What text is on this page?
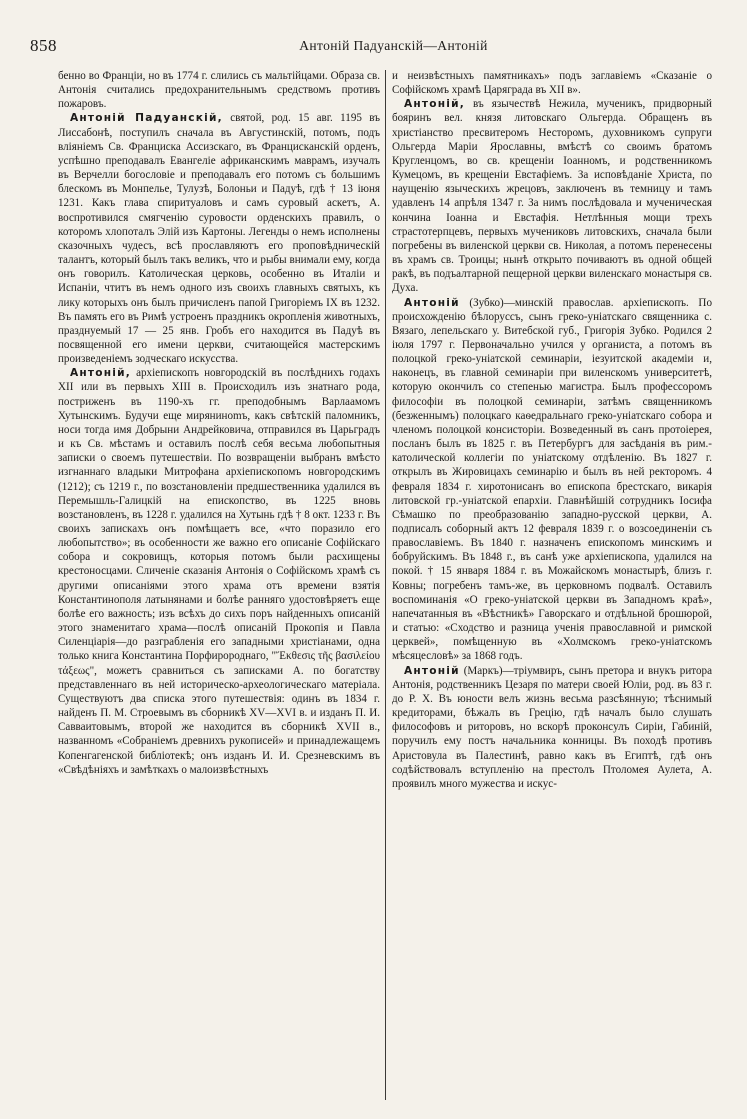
858	Антоній Падуанскій—Антоній

бенно во Франціи, но въ 1774 г. слились съ мальтійцами. Образа св. Антонія считались предохранительнымъ средствомъ противъ пожаровъ.

Антоній Падуанскій, святой, род. 15 авг. 1195 въ Лиссабонѣ, поступилъ сначала въ Августинскій, потомъ, подъ вліяніемъ Св. Франциска Ассизскаго, въ Францисканскій орденъ, успѣшно преподавалъ Евангеліе африканскимъ маврамъ, изучалъ въ Верчелли богословіе и преподавалъ его потомъ съ большимъ блескомъ въ Монпелье, Тулузѣ, Болоньи и Падуѣ, гдѣ † 13 іюня 1231. Какъ глава спиритуаловъ и самъ суровый аскетъ, А. воспротивился смягченію суровости орденскихъ правилъ, о которомъ хлопоталъ Элій изъ Картоны. Легенды о немъ исполнены сказочныхъ чудесъ, всѣ прославляютъ его проповѣдническій талантъ, который былъ такъ великъ, что и рыбы внимали ему, когда онъ говорилъ. Католическая церковь, особенно въ Италіи и Испаніи, чтитъ въ немъ одного изъ своихъ главныхъ святыхъ, къ лику которыхъ онъ былъ причисленъ папой Григоріемъ IX въ 1232. Въ память его въ Римѣ устроенъ праздникъ окропленія животныхъ, празднуемый 17 — 25 янв. Гробъ его находится въ Падуѣ въ посвященной его имени церкви, считающейся мастерскимъ произведеніемъ зодческаго искусства.

Антоній, архіепископъ новгородскій въ послѣднихъ годахъ XII или въ первыхъ XIII в. Происходилъ изъ знатнаго рода, постриженъ въ 1190-хъ гг. преподобнымъ Варлаамомъ Хутынскимъ. Будучи еще мирянинomъ, какъ свѣтскій паломникъ, носи тогда имя Добрыни Андрейковича, отправился въ Царьградъ и къ Св. мѣстамъ и оставилъ послѣ себя весьма любопытныя записки о своемъ путешествіи. По возвращеніи выбранъ вмѣсто изгнаннаго владыки Митрофана архіепископомъ новгородскимъ (1212); съ 1219 г., по возстановленіи предшественника удалился въ Перемышль-Галицкій на епископство, въ 1225 вновь возстановленъ, въ 1228 г. удалился на Хутынь гдѣ † 8 окт. 1233 г. Въ своихъ запискахъ онъ помѣщаетъ все, «что поразило его любопытство»; въ особенности же важно его описаніе Софійскаго собора и сокровищъ, которыя потомъ были расхищены крестоносцами. Сличеніе сказанія Антонія о Софійскомъ храмѣ съ другими описаніями этого храма отъ времени взятія Константинополя латынянами и болѣе ранняго удостовѣряетъ еще болѣе его важность; изъ всѣхъ до сихъ поръ найденныхъ описаній этого знаменитаго храма—послѣ описаній Прокопія и Павла Силенціарія—до разграбленія его западными христіанами, одна только книга Константина Порфиророднаго, "Ἔκθεσις τῆς βασιλείου τάξεως", можетъ сравниться съ записками А. по богатству представленнаго въ ней историческо-археологическаго матеріала. Существуютъ два списка этого путешествія: одинъ въ 1834 г. найденъ П. М. Строевымъ въ сборникѣ XV—XVI в. и изданъ П. И. Савваитовымъ, второй же находится въ сборникѣ XVII в., названномъ «Собраніемъ древнихъ рукописей» и принадлежащемъ Копенгагенской библіотекѣ; онъ изданъ И. И. Срезневскимъ въ «Свѣдѣніяхъ и замѣткахъ о малоизвѣстныхъ

и неизвѣстныхъ памятникахъ» подъ заглавіемъ «Сказаніе о Софійскомъ храмѣ Царяграда въ XII в».

Антоній, въ язычествѣ Нежила, мученикъ, придворный бояринъ вел. князя литовскаго Ольгерда. Обращенъ въ христіанство пресвитеромъ Несторомъ, духовникомъ супруги Ольгерда Маріи Ярославны, вмѣстѣ со своимъ братомъ Кругленцомъ, во св. крещеніи Іоанномъ, и родственникомъ Кумецомъ, въ крещеніи Евстафіемъ. За исповѣданіе Христа, по наущенію языческихъ жрецовъ, заключенъ въ темницу и тамъ удавленъ 14 апрѣля 1347 г. За нимъ послѣдовала и мученическая кончина Іоанна и Евстафія. Нетлѣнныя мощи трехъ страстотерпцевъ, первыхъ мучениковъ литовскихъ, сначала были погребены въ виленской церкви св. Николая, а потомъ перенесены въ храмъ св. Троицы; нынѣ открыто почиваютъ въ одной общей ракѣ, въ подъалтарной пещерной церкви виленскаго монастыря св. Духа.

Антоній (Зубко)—минскій православ. архіепископъ. По происхожденію бѣлоруссъ, сынъ греко-уніатскаго священника с. Вязаго, лепельскаго у. Витебской губ., Григорія Зубко. Родился 2 іюля 1797 г. Первоначально учился у органиста, а потомъ въ полоцкой греко-уніатской семинаріи, іезуитской академіи и, наконецъ, въ главной семинаріи при виленскомъ университетѣ, которую окончилъ со степенью магистра. Былъ профессоромъ философіи въ полоцкой семинаріи, затѣмъ священникомъ (безженнымъ) полоцкаго каѳедральнаго греко-уніатскаго собора и членомъ полоцкой консисторіи. Возведенный въ санъ протоіерея, посланъ былъ въ 1825 г. въ Петербургъ для засѣданія въ рим.-католической коллегіи по уніатскому отдѣленію. Въ 1827 г. открылъ въ Жировицахъ семинарію и былъ въ ней ректоромъ. 4 февраля 1834 г. хиротонисанъ во епископа брестскаго, викарія литовской гр.-уніатской епархіи. Главнѣйшій сотрудникъ Іосифа Сѣмашко по преобразованію западно-русской церкви, А. подписалъ соборный актъ 12 февраля 1839 г. о возсоединеніи съ православіемъ. Въ 1840 г. назначенъ епископомъ минскимъ и бобруйскимъ. Въ 1848 г., въ санѣ уже архіепископа, удалился на покой. † 15 января 1884 г. въ Можайскомъ монастырѣ, близъ г. Ковны; погребенъ тамъ-же, въ церковномъ подвалѣ. Оставилъ воспоминанія «О греко-уніатской церкви въ Западномъ краѣ», напечатанныя въ «Вѣстникѣ» Гаворскаго и отдѣльной брошюрой, и статью: «Сходство и разница ученія православной и римской церквей», помѣщенную въ «Холмскомъ греко-уніатскомъ мѣсяцесловѣ» за 1868 годъ.

Антоній (Маркъ)—тріумвиръ, сынъ претора и внукъ ритора Антонія, родственникъ Цезаря по матери своей Юліи, род. въ 83 г. до Р. Х. Въ юности велъ жизнь весьма разсѣянную; тѣснимый кредиторами, бѣжалъ въ Грецію, гдѣ началъ было слушать философовъ и риторовъ, но вскорѣ проконсулъ Сиріи, Габиній, поручилъ ему постъ начальника конницы. Въ походѣ противъ Аристовула въ Палестинѣ, равно какъ въ Египтѣ, гдѣ онъ содѣйствовалъ вступленію на престолъ Птоломея Аулета, А. проявилъ много мужества и искус-
